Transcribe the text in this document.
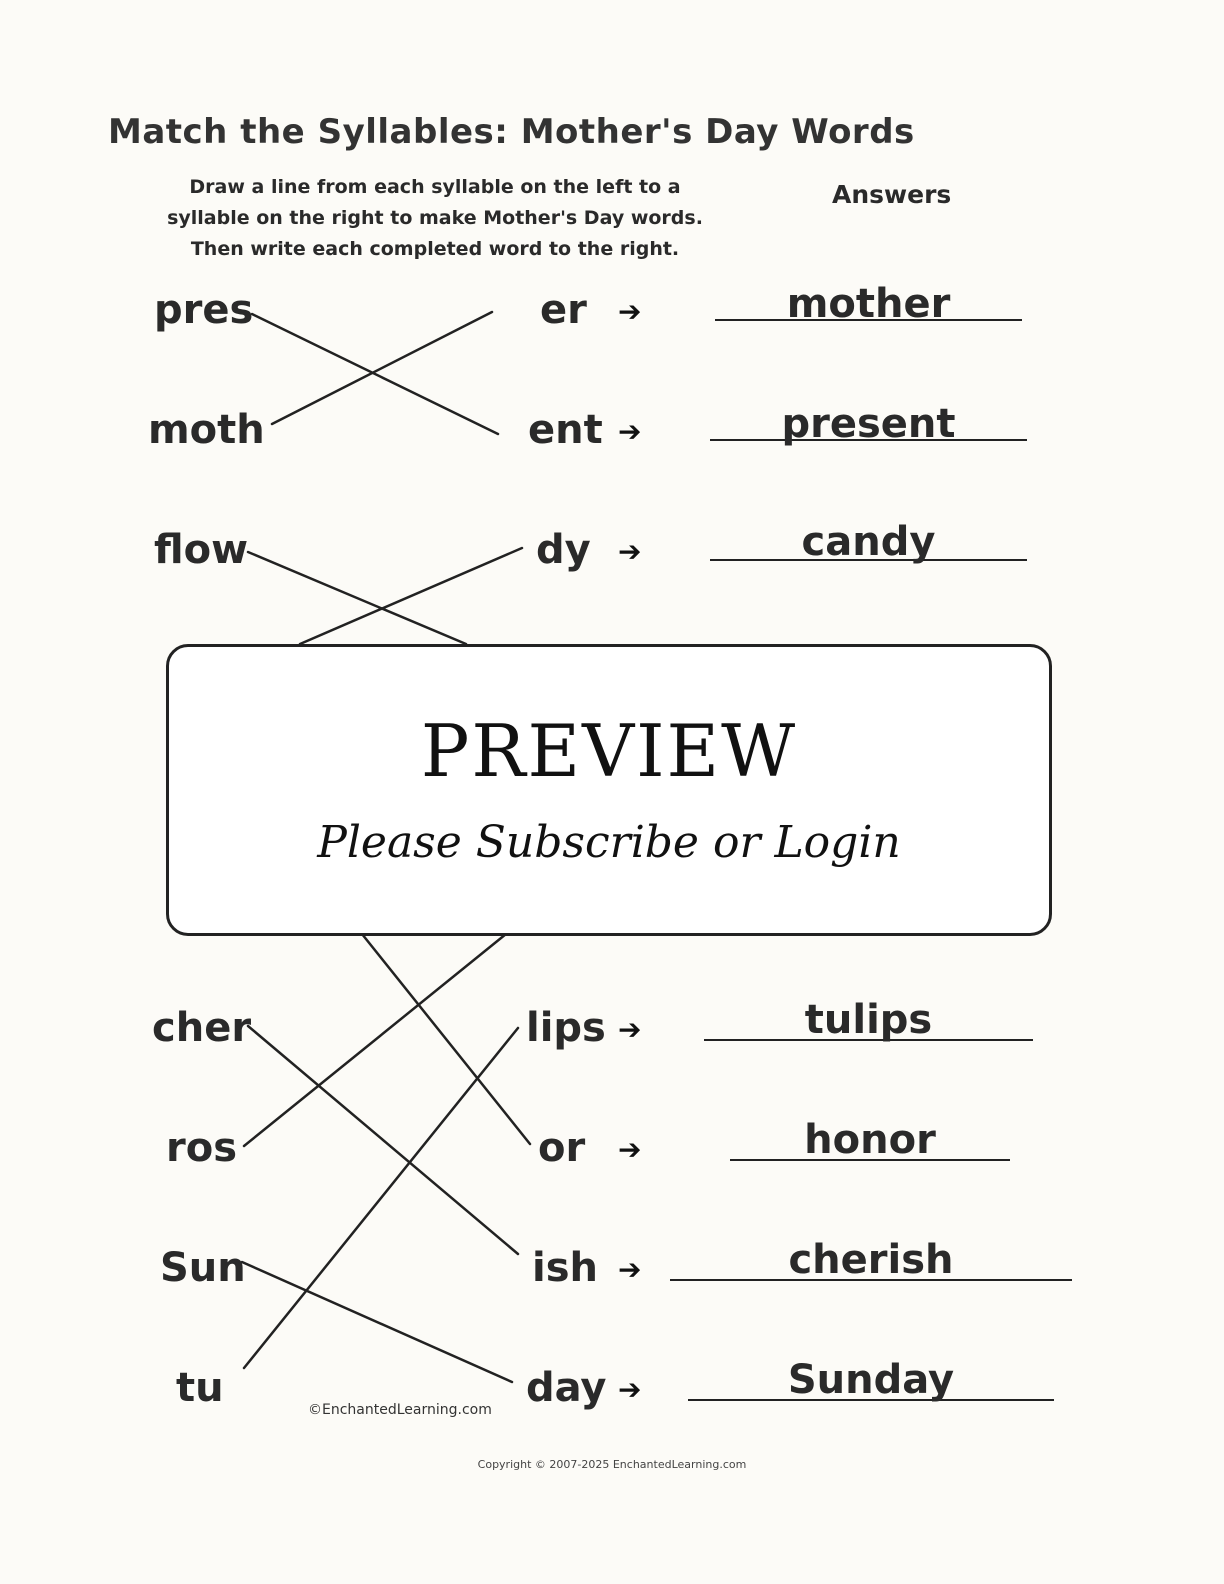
Match the Syllables: Mother's Day Words
Draw a line from each syllable on the left to a
syllable on the right to make Mother's Day words.
Then write each completed word to the right.
Answers
pres
moth
flow
cher
ros
Sun
tu
er
ent
dy
lips
or
ish
day
➔
➔
➔
➔
➔
➔
➔
mother
present
candy
tulips
honor
cherish
Sunday
©EnchantedLearning.com
PREVIEW
Please Subscribe or Login
Copyright © 2007-2025 EnchantedLearning.com
